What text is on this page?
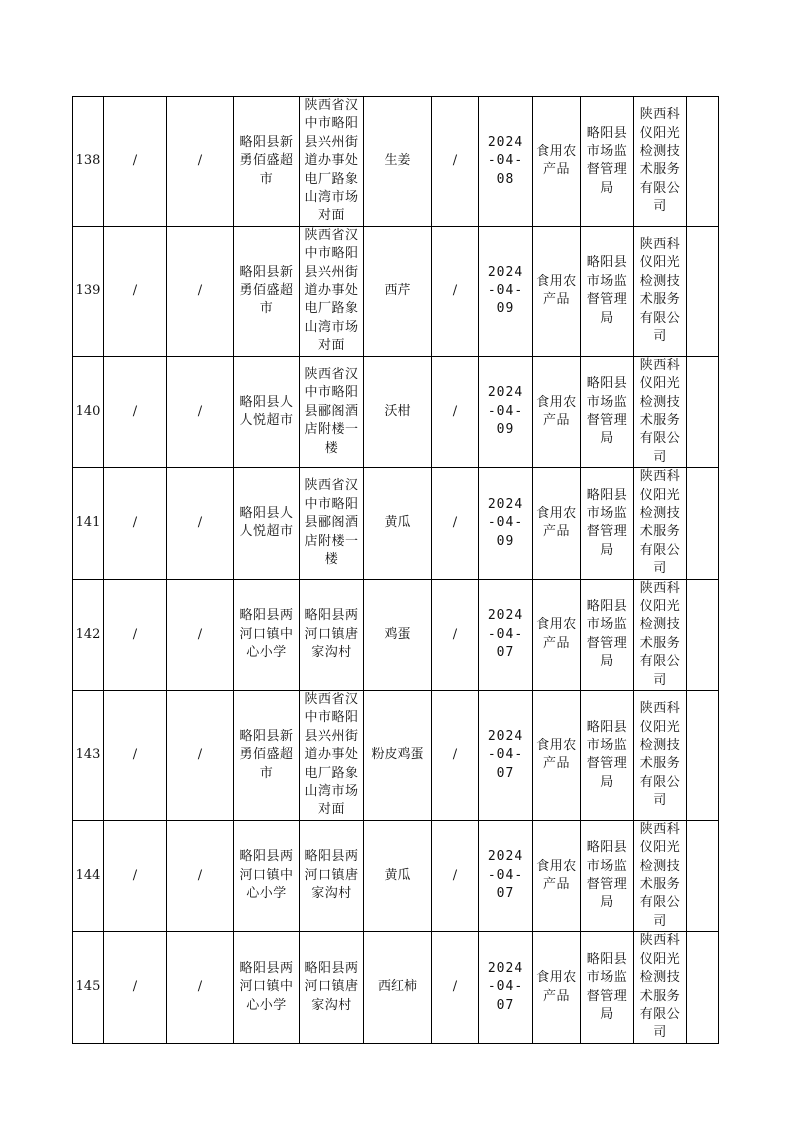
138	/	/	略阳县新勇佰盛超市	陕西省汉中市略阳县兴州街道办事处电厂路象山湾市场对面	生姜	/	2024-04-08	食用农产品	略阳县市场监督管理局	陕西科仪阳光检测技术服务有限公司	
139	/	/	略阳县新勇佰盛超市	陕西省汉中市略阳县兴州街道办事处电厂路象山湾市场对面	西芹	/	2024-04-09	食用农产品	略阳县市场监督管理局	陕西科仪阳光检测技术服务有限公司	
140	/	/	略阳县人人悦超市	陕西省汉中市略阳县郦阁酒店附楼一楼	沃柑	/	2024-04-09	食用农产品	略阳县市场监督管理局	陕西科仪阳光检测技术服务有限公司	
141	/	/	略阳县人人悦超市	陕西省汉中市略阳县郦阁酒店附楼一楼	黄瓜	/	2024-04-09	食用农产品	略阳县市场监督管理局	陕西科仪阳光检测技术服务有限公司	
142	/	/	略阳县两河口镇中心小学	略阳县两河口镇唐家沟村	鸡蛋	/	2024-04-07	食用农产品	略阳县市场监督管理局	陕西科仪阳光检测技术服务有限公司	
143	/	/	略阳县新勇佰盛超市	陕西省汉中市略阳县兴州街道办事处电厂路象山湾市场对面	粉皮鸡蛋	/	2024-04-07	食用农产品	略阳县市场监督管理局	陕西科仪阳光检测技术服务有限公司	
144	/	/	略阳县两河口镇中心小学	略阳县两河口镇唐家沟村	黄瓜	/	2024-04-07	食用农产品	略阳县市场监督管理局	陕西科仪阳光检测技术服务有限公司	
145	/	/	略阳县两河口镇中心小学	略阳县两河口镇唐家沟村	西红柿	/	2024-04-07	食用农产品	略阳县市场监督管理局	陕西科仪阳光检测技术服务有限公司	
